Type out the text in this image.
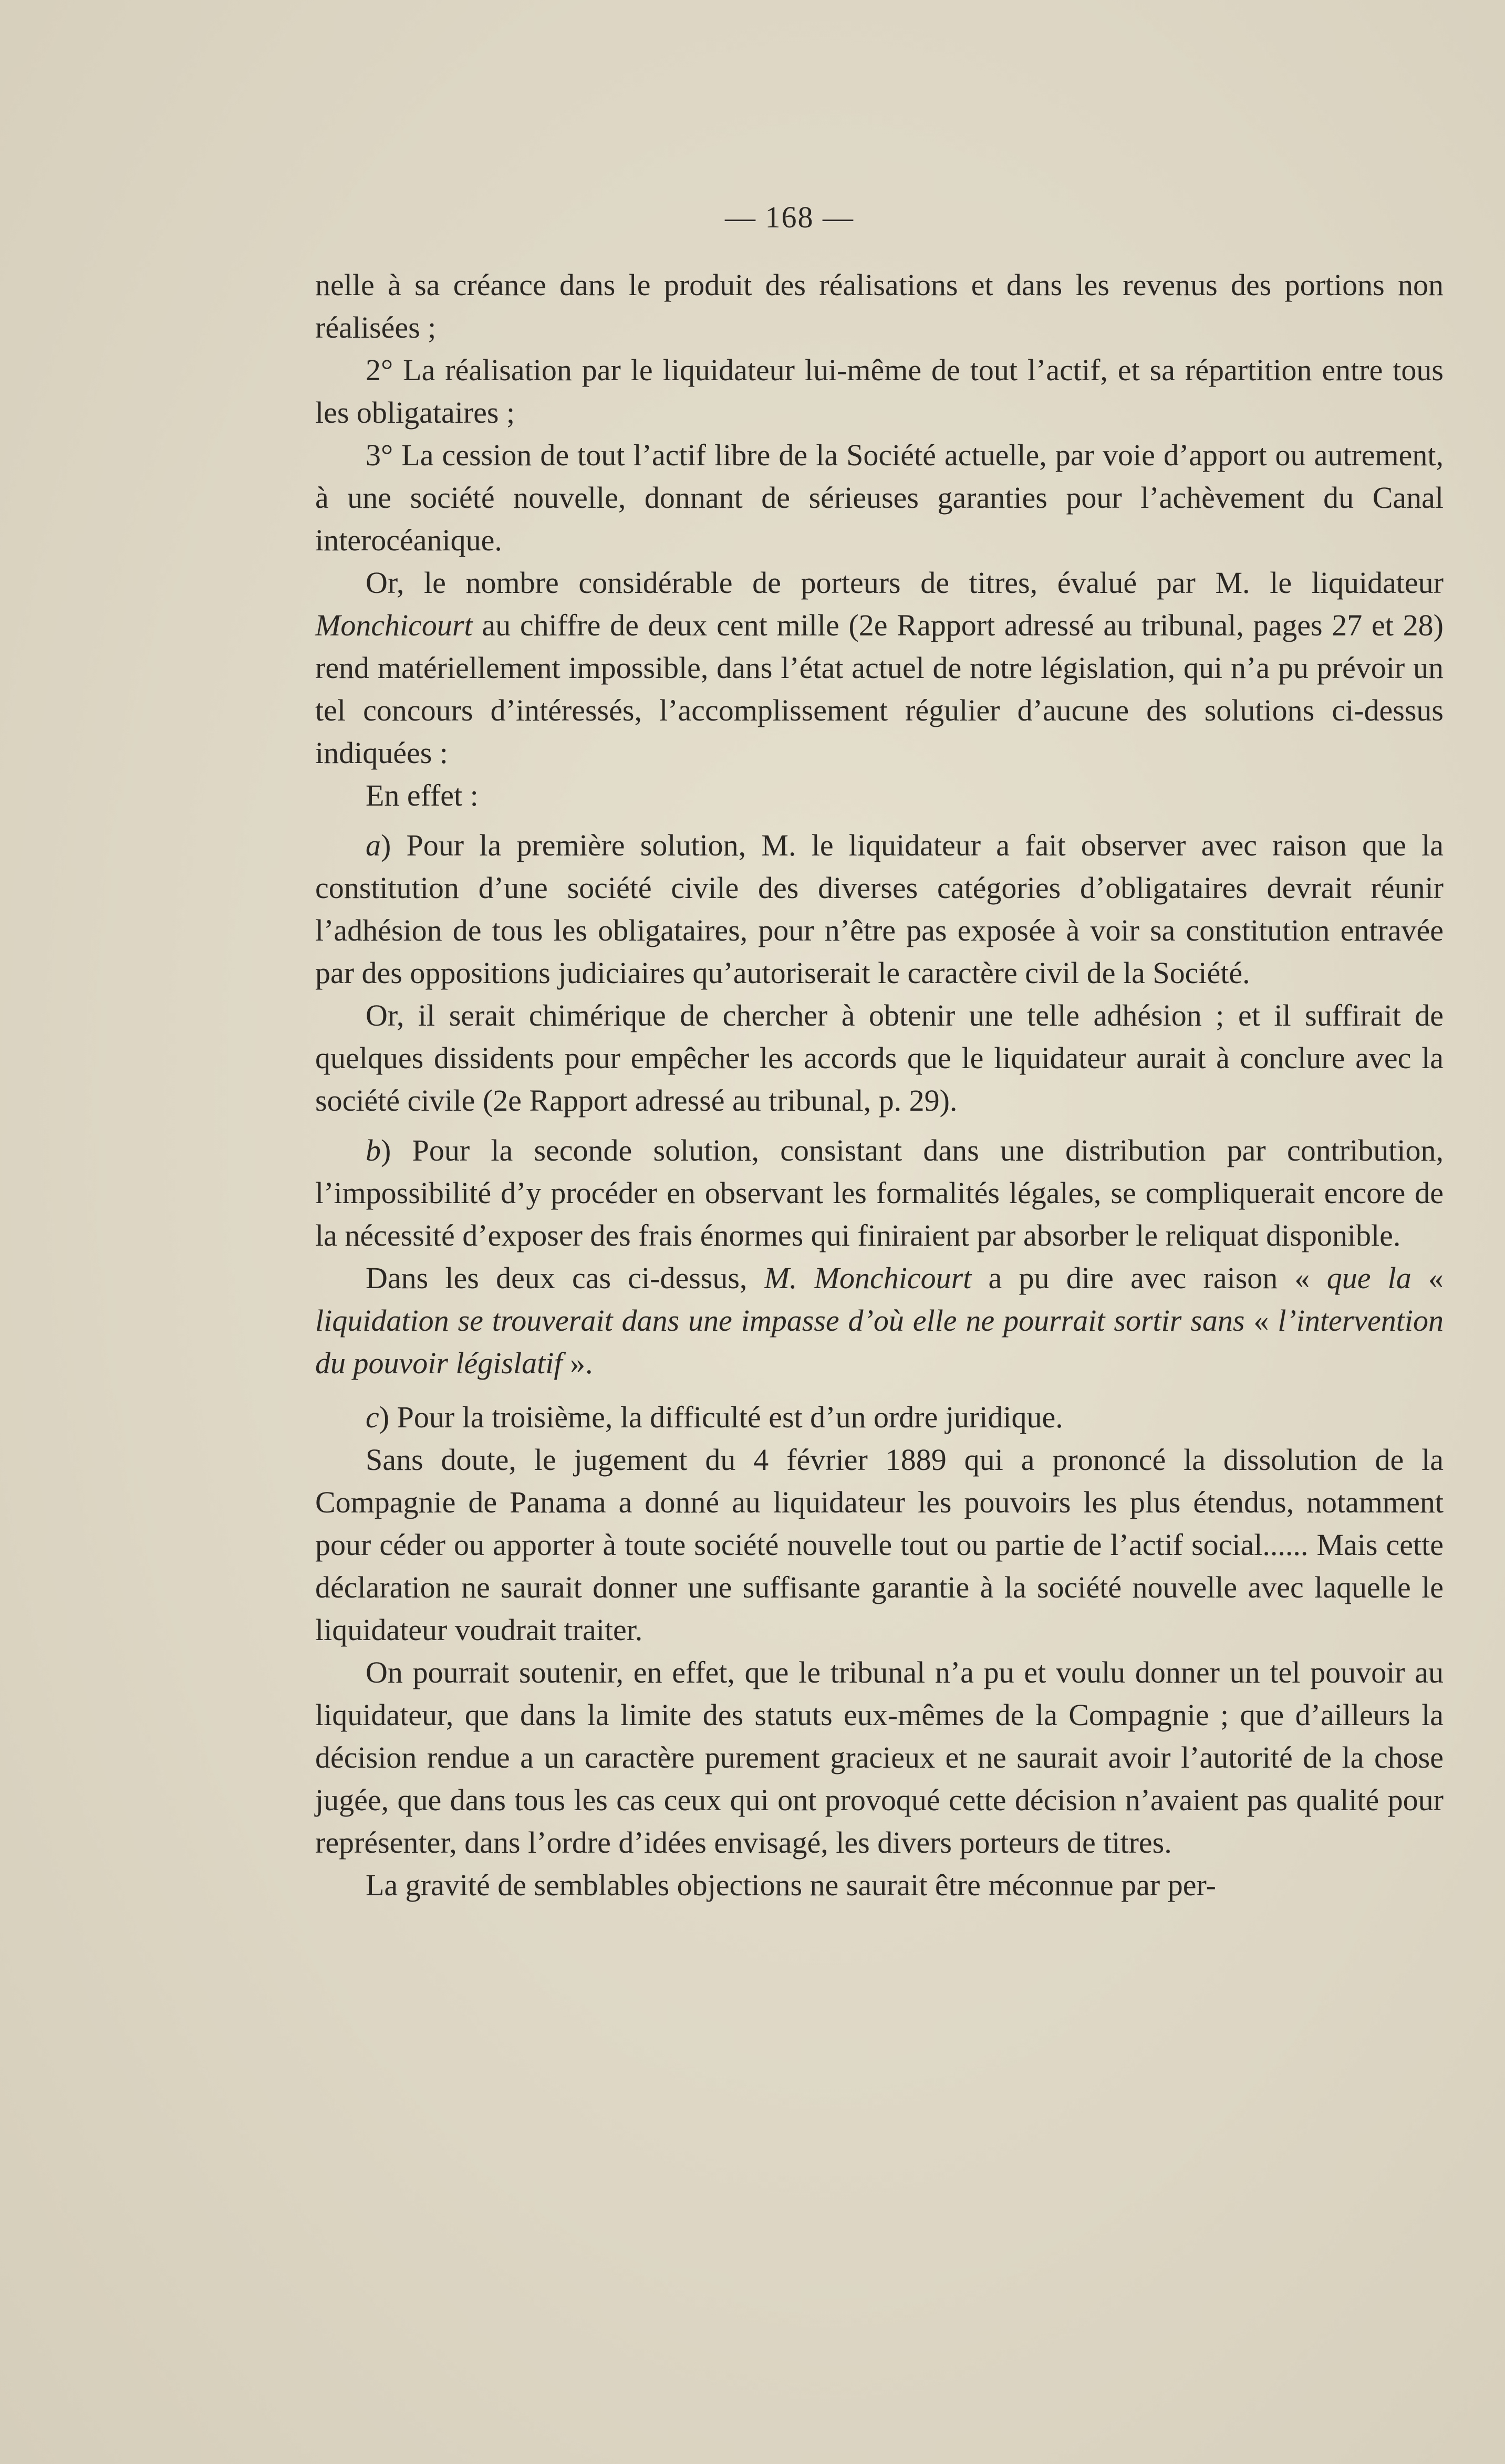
— 168 —

nelle à sa créance dans le produit des réalisations et dans les revenus des portions non réalisées ;

2° La réalisation par le liquidateur lui-même de tout l’actif, et sa répartition entre tous les obligataires ;

3° La cession de tout l’actif libre de la Société actuelle, par voie d’apport ou autrement, à une société nouvelle, donnant de sérieuses garanties pour l’achèvement du Canal interocéanique.

Or, le nombre considérable de porteurs de titres, évalué par M. le liquidateur Monchicourt au chiffre de deux cent mille (2e Rapport adressé au tribunal, pages 27 et 28) rend matériellement impossible, dans l’état actuel de notre législation, qui n’a pu prévoir un tel concours d’intéressés, l’accomplissement régulier d’aucune des solutions ci-dessus indiquées :

En effet :

a) Pour la première solution, M. le liquidateur a fait observer avec raison que la constitution d’une société civile des diverses catégories d’obligataires devrait réunir l’adhésion de tous les obligataires, pour n’être pas exposée à voir sa constitution entravée par des oppositions judiciaires qu’autoriserait le caractère civil de la Société.

Or, il serait chimérique de chercher à obtenir une telle adhésion ; et il suffirait de quelques dissidents pour empêcher les accords que le liquidateur aurait à conclure avec la société civile (2e Rapport adressé au tribunal, p. 29).

b) Pour la seconde solution, consistant dans une distribution par contribution, l’impossibilité d’y procéder en observant les formalités légales, se compliquerait encore de la nécessité d’exposer des frais énormes qui finiraient par absorber le reliquat disponible.

Dans les deux cas ci-dessus, M. Monchicourt a pu dire avec raison « que la « liquidation se trouverait dans une impasse d’où elle ne pourrait sortir sans « l’intervention du pouvoir législatif ».

c) Pour la troisième, la difficulté est d’un ordre juridique.

Sans doute, le jugement du 4 février 1889 qui a prononcé la dissolution de la Compagnie de Panama a donné au liquidateur les pouvoirs les plus étendus, notamment pour céder ou apporter à toute société nouvelle tout ou partie de l’actif social...... Mais cette déclaration ne saurait donner une suffisante garantie à la société nouvelle avec laquelle le liquidateur voudrait traiter.

On pourrait soutenir, en effet, que le tribunal n’a pu et voulu donner un tel pouvoir au liquidateur, que dans la limite des statuts eux-mêmes de la Compagnie ; que d’ailleurs la décision rendue a un caractère purement gracieux et ne saurait avoir l’autorité de la chose jugée, que dans tous les cas ceux qui ont provoqué cette décision n’avaient pas qualité pour représenter, dans l’ordre d’idées envisagé, les divers porteurs de titres.

La gravité de semblables objections ne saurait être méconnue par per-
